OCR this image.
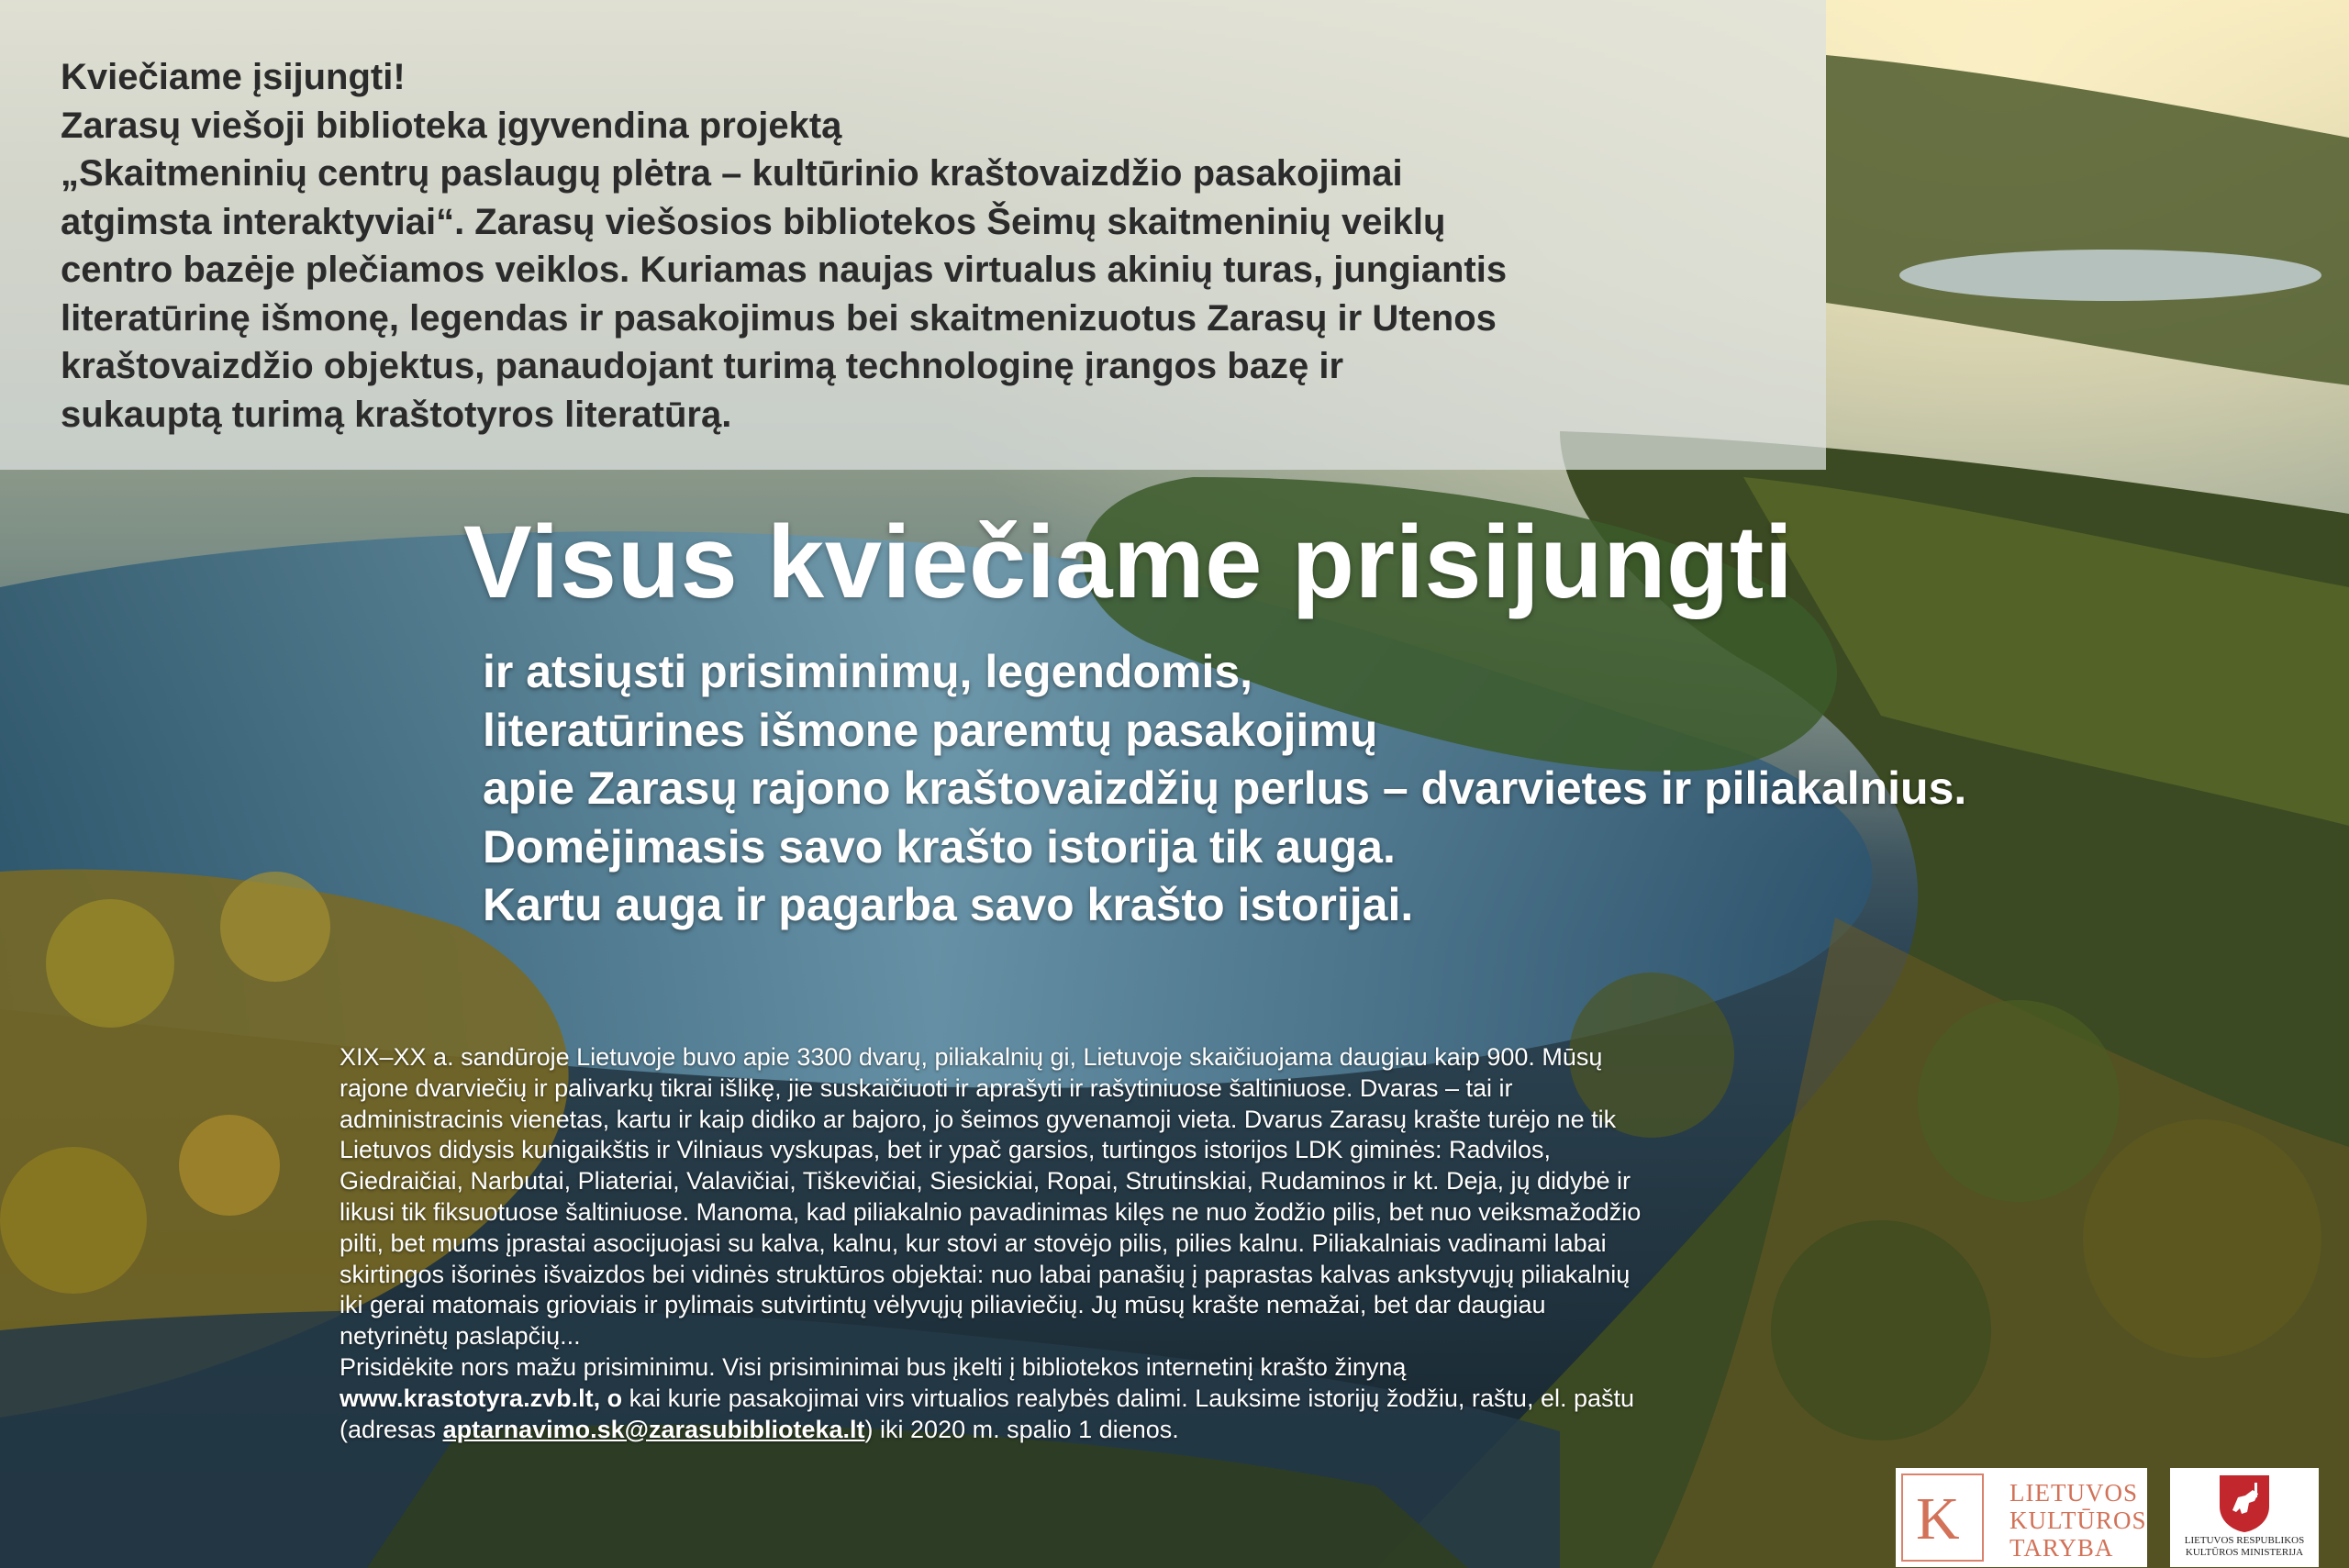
Kviečiame įsijungti!
Zarasų viešoji biblioteka įgyvendina projektą
„Skaitmeninių centrų paslaugų plėtra – kultūrinio kraštovaizdžio pasakojimai
atgimsta interaktyviai“. Zarasų viešosios bibliotekos Šeimų skaitmeninių veiklų
centro bazėje plečiamos veiklos. Kuriamas naujas virtualus akinių turas, jungiantis
literatūrinę išmonę, legendas ir pasakojimus bei skaitmenizuotus Zarasų ir Utenos
kraštovaizdžio objektus, panaudojant turimą technologinę įrangos bazę ir
sukauptą turimą kraštotyros literatūrą.
Visus kviečiame prisijungti
ir atsiųsti prisiminimų, legendomis,
literatūrines išmone paremtų pasakojimų
apie Zarasų rajono kraštovaizdžių perlus – dvarvietes ir piliakalnius.
Domėjimasis savo krašto istorija tik auga.
Kartu auga ir pagarba savo krašto istorijai.
XIX–XX a. sandūroje Lietuvoje buvo apie 3300 dvarų, piliakalnių gi, Lietuvoje skaičiuojama daugiau kaip 900. Mūsų
rajone dvarviečių ir palivarkų tikrai išlikę, jie suskaičiuoti ir aprašyti ir rašytiniuose šaltiniuose. Dvaras – tai ir
administracinis vienetas, kartu ir kaip didiko ar bajoro, jo šeimos gyvenamoji vieta. Dvarus Zarasų krašte turėjo ne tik
Lietuvos didysis kunigaikštis ir Vilniaus vyskupas, bet ir ypač garsios, turtingos istorijos LDK giminės: Radvilos,
Giedraičiai, Narbutai, Pliateriai, Valavičiai, Tiškevičiai, Siesickiai, Ropai, Strutinskiai, Rudaminos ir kt. Deja, jų didybė ir
likusi tik fiksuotuose šaltiniuose. Manoma, kad piliakalnio pavadinimas kilęs ne nuo žodžio pilis, bet nuo veiksmažodžio
pilti, bet mums įprastai asocijuojasi su kalva, kalnu, kur stovi ar stovėjo pilis, pilies kalnu. Piliakalniais vadinami labai
skirtingos išorinės išvaizdos bei vidinės struktūros objektai: nuo labai panašių į paprastas kalvas ankstyvųjų piliakalnių
iki gerai matomais grioviais ir pylimais sutvirtintų vėlyvųjų piliaviečių. Jų mūsų krašte nemažai, bet dar daugiau
netyrinėtų paslapčių...
Prisidėkite nors mažu prisiminimu. Visi prisiminimai bus įkelti į bibliotekos internetinį krašto žinyną
www.krastotyra.zvb.lt, o kai kurie pasakojimai virs virtualios realybės dalimi. Lauksime istorijų žodžiu, raštu, el. paštu
(adresas aptarnavimo.sk@zarasubiblioteka.lt) iki 2020 m. spalio 1 dienos.
K LIETUVOS
KULTŪROS
TARYBA	LIETUVOS RESPUBLIKOS
KULTŪROS MINISTERIJA
